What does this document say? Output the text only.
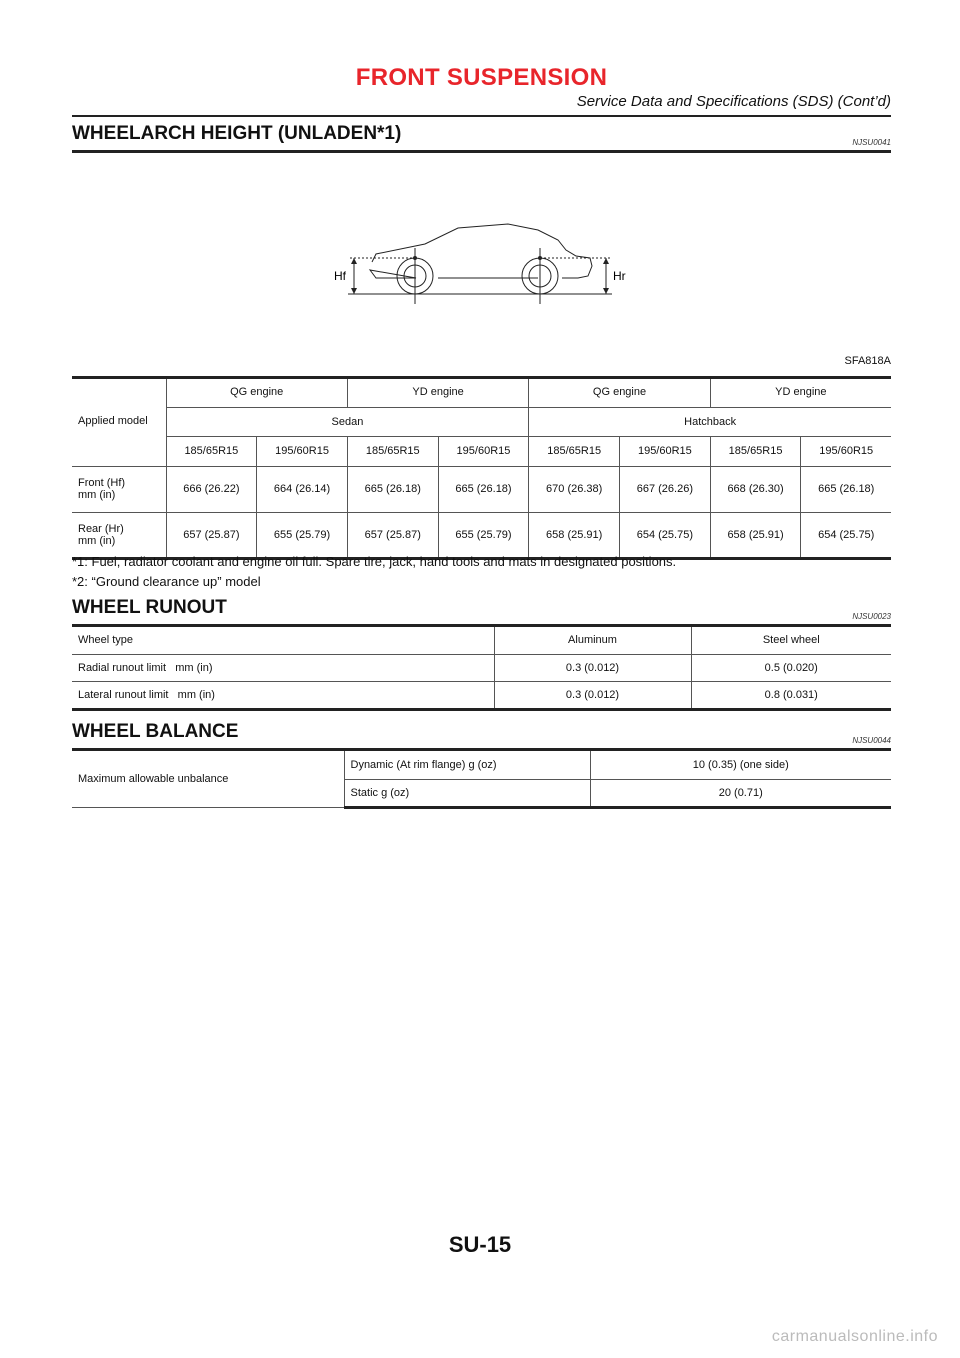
FRONT SUSPENSION
Service Data and Specifications (SDS) (Cont’d)
WHEELARCH HEIGHT (UNLADEN*1)	NJSU0041
Hf	Hr
SFA818A
Applied model	QG engine		YD engine		QG engine		YD engine	
	Sedan				Hatchback			
	185/65R15	195/60R15	185/65R15	195/60R15	185/65R15	195/60R15	185/65R15	195/60R15
Front (Hf)
mm (in)	666 (26.22)	664 (26.14)	665 (26.18)	665 (26.18)	670 (26.38)	667 (26.26)	668 (26.30)	665 (26.18)
Rear (Hr)
mm (in)	657 (25.87)	655 (25.79)	657 (25.87)	655 (25.79)	658 (25.91)	654 (25.75)	658 (25.91)	654 (25.75)
*1: Fuel, radiator coolant and engine oil full. Spare tire, jack, hand tools and mats in designated positions.
*2: “Ground clearance up” model
WHEEL RUNOUT	NJSU0023
Wheel type	Aluminum	Steel wheel
Radial runout limit   mm (in)	0.3 (0.012)	0.5 (0.020)
Lateral runout limit   mm (in)	0.3 (0.012)	0.8 (0.031)
WHEEL BALANCE	NJSU0044
Maximum allowable unbalance	Dynamic (At rim flange) g (oz)	10 (0.35) (one side)
	Static g (oz)	20 (0.71)
SU-15
carmanualsonline.info
